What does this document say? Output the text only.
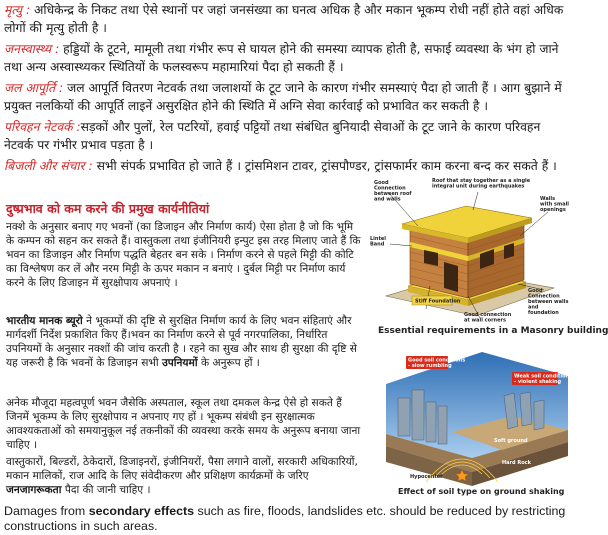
मृत्यु : अधिकेन्द्र के निकट तथा ऐसे स्थानों पर जहां जनसंख्या का घनत्व अधिक है और मकान भूकम्प रोधी नहीं होते वहां अधिक लोगों की मृत्यु होती है ।
जनस्वास्थ्य : हड्डियों के टूटने, मामूली तथा गंभीर रूप से घायल होने की समस्या व्यापक होती है, सफाई व्यवस्था के भंग हो जाने तथा अन्य अस्वास्थ्यकर स्थितियों के फलस्वरूप महामारियां पैदा हो सकती हैं ।
जल आपूर्ति : जल आपूर्ति वितरण नेटवर्क तथा जलाशयों के टूट जाने के कारण गंभीर समस्याएं पैदा हो जाती हैं । आग बुझाने में प्रयुक्त नलकियों की आपूर्ति लाइनें असुरक्षित होने की स्थिति में अग्नि सेवा कार्रवाई को प्रभावित कर सकती है ।
परिवहन नेटवर्क :सड़कों और पुलों, रेल पटरियों, हवाई पट्टियों तथा संबंधित बुनियादी सेवाओं के टूट जाने के कारण परिवहन नेटवर्क पर गंभीर प्रभाव पड़ता है ।
बिजली और संचार : सभी संपर्क प्रभावित हो जाते हैं । ट्रांसमिशन टावर, ट्रांसपौण्डर, ट्रांसफार्मर काम करना बन्द कर सकते हैं ।
दुष्प्रभाव को कम करने की प्रमुख कार्यनीतियां
नक्शे के अनुसार बनाए गए भवनों (का डिजाइन और निर्माण कार्य) ऐसा होता है जो कि भूमि के कम्पन को सहन कर सकते हैं। वास्तुकला तथा इंजीनियरी इन्पुट इस तरह मिलाए जाते हैं कि भवन का डिजाइन और निर्माण पद्धति बेहतर बन सके । निर्माण करने से पहले मिट्टी की कोटि का विश्लेषण कर लें और नरम मिट्टी के ऊपर मकान न बनाएं । दुर्बल मिट्टी पर निर्माण कार्य करने के लिए डिजाइन में सुरक्षोपाय अपनाएं ।
भारतीय मानक ब्यूरो ने भूकम्पों की दृष्टि से सुरक्षित निर्माण कार्य के लिए भवन संहिताएं और मार्गदर्शी निर्देश प्रकाशित किए हैं।भवन का निर्माण करने से पूर्व नगरपालिका, निर्धारित उपनियमों के अनुसार नक्शों की जांच करती है । रहने का सुख और साथ ही सुरक्षा की दृष्टि से यह जरूरी है कि भवनों के डिजाइन सभी उपनियमों के अनुरूप हों ।
अनेक मौजूदा महत्वपूर्ण भवन जैसेकि अस्पताल, स्कूल तथा दमकल केन्द्र ऐसे हो सकते हैं जिनमें भूकम्प के लिए सुरक्षोपाय न अपनाए गए हों । भूकम्प संबंधी इन सुरक्षात्मक आवश्यकताओं को समयानुकूल नई तकनीकों की व्यवस्था करके समय के अनुरूप बनाया जाना चाहिए ।
वास्तुकारों, बिल्डरों, ठेकेदारों, डिजाइनरों, इंजीनियरों, पैसा लगाने वालों, सरकारी अधिकारियों, मकान मालिकों, राज आदि के लिए संवेदीकरण और प्रशिक्षण कार्यक्रमों के जरिए जनजागरूकता पैदा की जानी चाहिए ।
Good Connection between roof and walls
Roof that stay together as a single integral unit during earthquakes
Walls with small openings
Lintel Band
Stiff Foundation
Good Connection between walls and foundation
Good connection at wall corners
Essential requirements in a Masonry building
Good soil conditions - slow rumbling
Weak soil conditions - violent shaking
Soft ground
Hard Rock
Hypocenter
Effect of soil type on ground shaking
Damages from secondary effects such as fire, floods, landslides etc. should be reduced by restricting constructions in such areas.
